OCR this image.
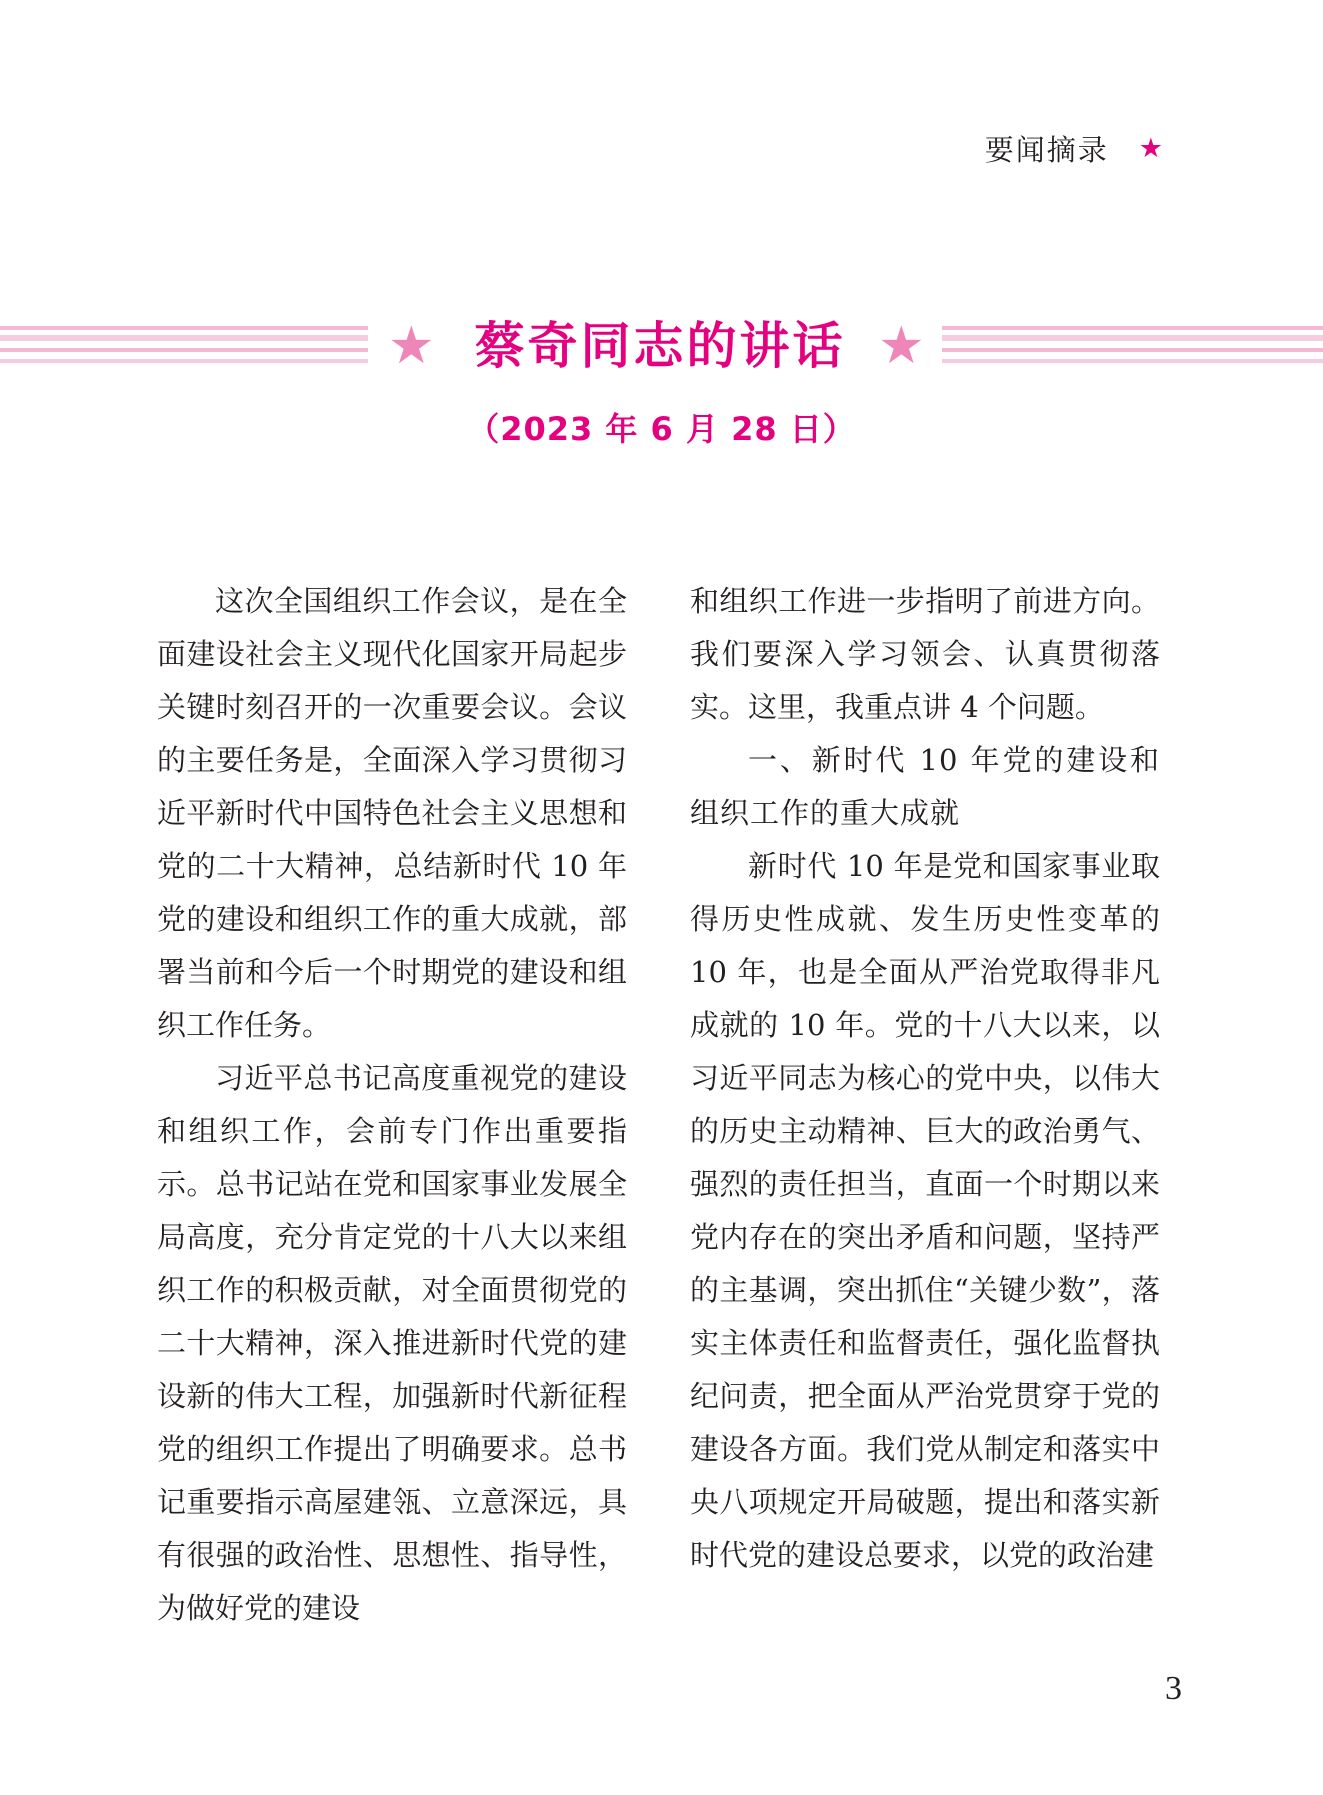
要闻摘录 ★
★ 蔡奇同志的讲话 ★
（2023 年 6 月 28 日）

这次全国组织工作会议，是在全面建设社会主义现代化国家开局起步关键时刻召开的一次重要会议。会议的主要任务是，全面深入学习贯彻习近平新时代中国特色社会主义思想和党的二十大精神，总结新时代 10 年党的建设和组织工作的重大成就，部署当前和今后一个时期党的建设和组织工作任务。

习近平总书记高度重视党的建设和组织工作，会前专门作出重要指示。总书记站在党和国家事业发展全局高度，充分肯定党的十八大以来组织工作的积极贡献，对全面贯彻党的二十大精神，深入推进新时代党的建设新的伟大工程，加强新时代新征程党的组织工作提出了明确要求。总书记重要指示高屋建瓴、立意深远，具有很强的政治性、思想性、指导性，为做好党的建设

和组织工作进一步指明了前进方向。我们要深入学习领会、认真贯彻落实。这里，我重点讲 4 个问题。

一、新时代 10 年党的建设和组织工作的重大成就

新时代 10 年是党和国家事业取得历史性成就、发生历史性变革的 10 年，也是全面从严治党取得非凡成就的 10 年。党的十八大以来，以习近平同志为核心的党中央，以伟大的历史主动精神、巨大的政治勇气、强烈的责任担当，直面一个时期以来党内存在的突出矛盾和问题，坚持严的主基调，突出抓住“关键少数”，落实主体责任和监督责任，强化监督执纪问责，把全面从严治党贯穿于党的建设各方面。我们党从制定和落实中央八项规定开局破题，提出和落实新时代党的建设总要求，以党的政治建

3
